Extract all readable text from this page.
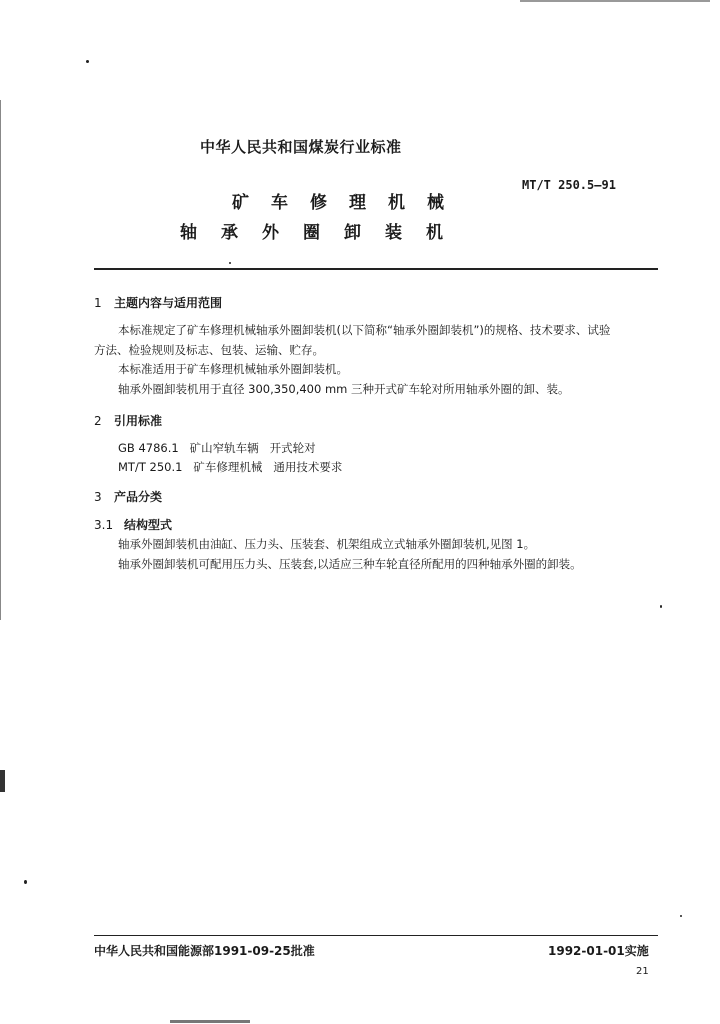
中华人民共和国煤炭行业标准
MT/T 250.5—91
矿车修理机械
轴承外圈卸装机
1 主题内容与适用范围
本标准规定了矿车修理机械轴承外圈卸装机(以下简称“轴承外圈卸装机”)的规格、技术要求、试验
方法、检验规则及标志、包装、运输、贮存。
本标准适用于矿车修理机械轴承外圈卸装机。
轴承外圈卸装机用于直径 300,350,400 mm 三种开式矿车轮对所用轴承外圈的卸、装。
2 引用标准
GB 4786.1   矿山窄轨车辆   开式轮对
MT/T 250.1   矿车修理机械   通用技术要求
3 产品分类
3.1 结构型式
轴承外圈卸装机由油缸、压力头、压装套、机架组成立式轴承外圈卸装机,见图 1。
轴承外圈卸装机可配用压力头、压装套,以适应三种车轮直径所配用的四种轴承外圈的卸装。
中华人民共和国能源部1991-09-25批准	1992-01-01实施
21
